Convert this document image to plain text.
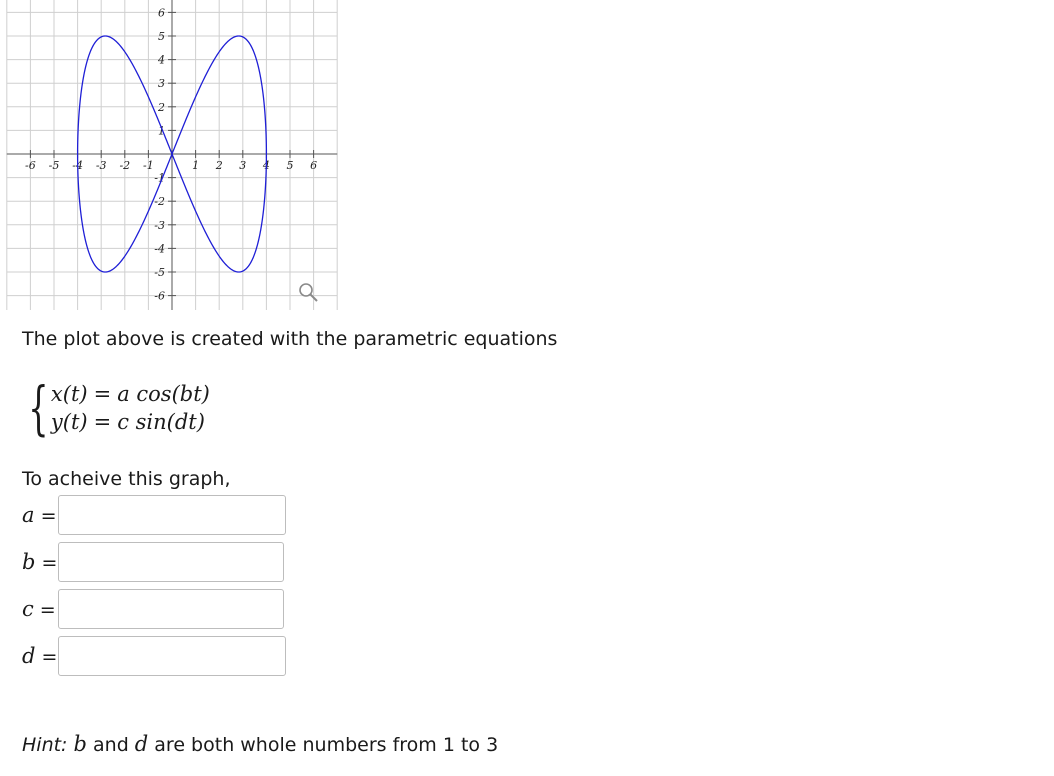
-6 -5 -4 -3 -2 -1	1 2 3 4 5 6
6
5
4
3
2
1
-1
-2
-3
-4
-5
-6

The plot above is created with the parametric equations

{ x(t) = a cos(bt)
y(t) = c sin(dt)

To acheive this graph,

a =
b =
c =
d =

Hint: b and d are both whole numbers from 1 to 3
